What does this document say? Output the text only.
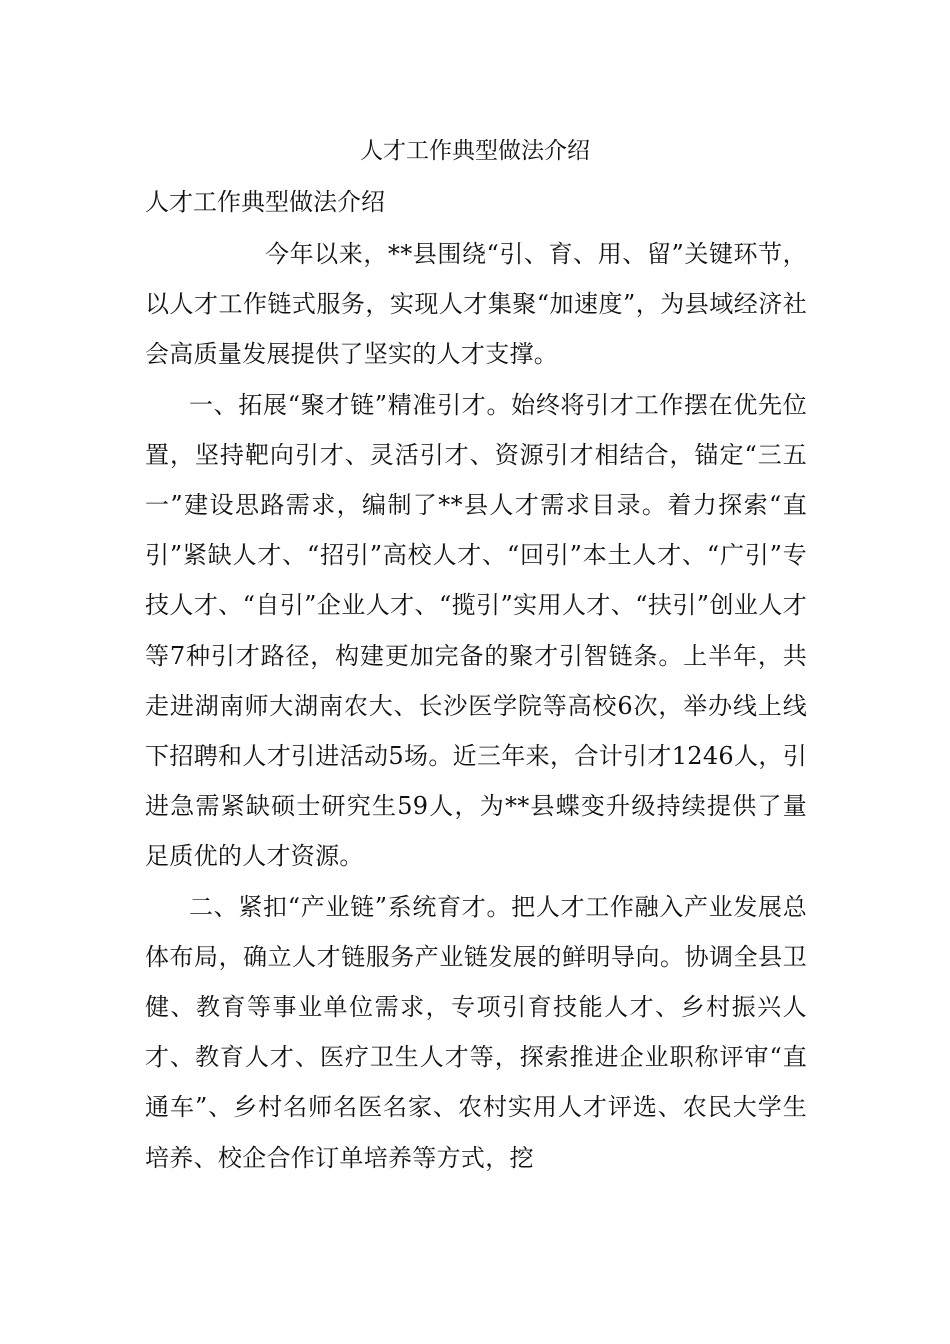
人才工作典型做法介绍
人才工作典型做法介绍

今年以来，**县围绕“引、育、用、留”关键环节，以人才工作链式服务，实现人才集聚“加速度”，为县域经济社会高质量发展提供了坚实的人才支撑。

一、拓展“聚才链”精准引才。始终将引才工作摆在优先位置，坚持靶向引才、灵活引才、资源引才相结合，锚定“三五一”建设思路需求，编制了**县人才需求目录。着力探索“直引”紧缺人才、“招引”高校人才、“回引”本土人才、“广引”专技人才、“自引”企业人才、“揽引”实用人才、“扶引”创业人才等7种引才路径，构建更加完备的聚才引智链条。上半年，共走进湖南师大湖南农大、长沙医学院等高校6次，举办线上线下招聘和人才引进活动5场。近三年来，合计引才1246人，引进急需紧缺硕士研究生59人，为**县蝶变升级持续提供了量足质优的人才资源。

二、紧扣“产业链”系统育才。把人才工作融入产业发展总体布局，确立人才链服务产业链发展的鲜明导向。协调全县卫健、教育等事业单位需求，专项引育技能人才、乡村振兴人才、教育人才、医疗卫生人才等，探索推进企业职称评审“直通车”、乡村名师名医名家、农村实用人才评选、农民大学生培养、校企合作订单培养等方式，挖
